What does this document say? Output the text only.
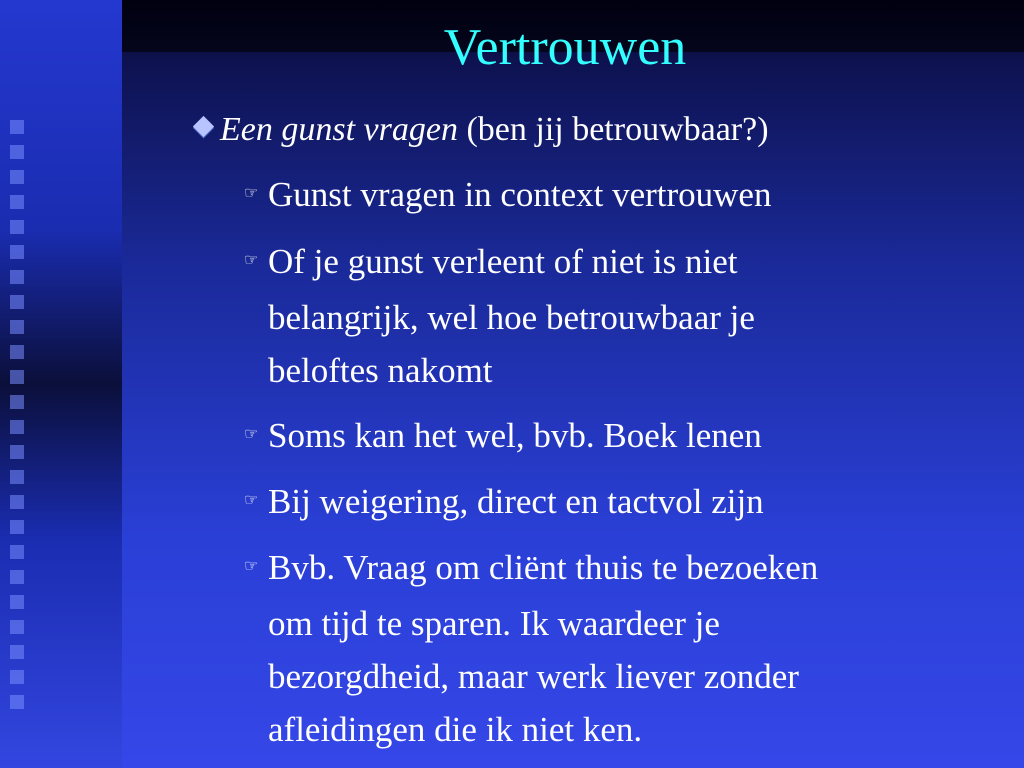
Vertrouwen
Een gunst vragen (ben jij betrouwbaar?)
☞ Gunst vragen in context vertrouwen
☞ Of je gunst verleent of niet is niet
belangrijk, wel hoe betrouwbaar je
beloftes nakomt
☞ Soms kan het wel, bvb. Boek lenen
☞ Bij weigering, direct en tactvol zijn
☞ Bvb. Vraag om cliënt thuis te bezoeken
om tijd te sparen. Ik waardeer je
bezorgdheid, maar werk liever zonder
afleidingen die ik niet ken.
